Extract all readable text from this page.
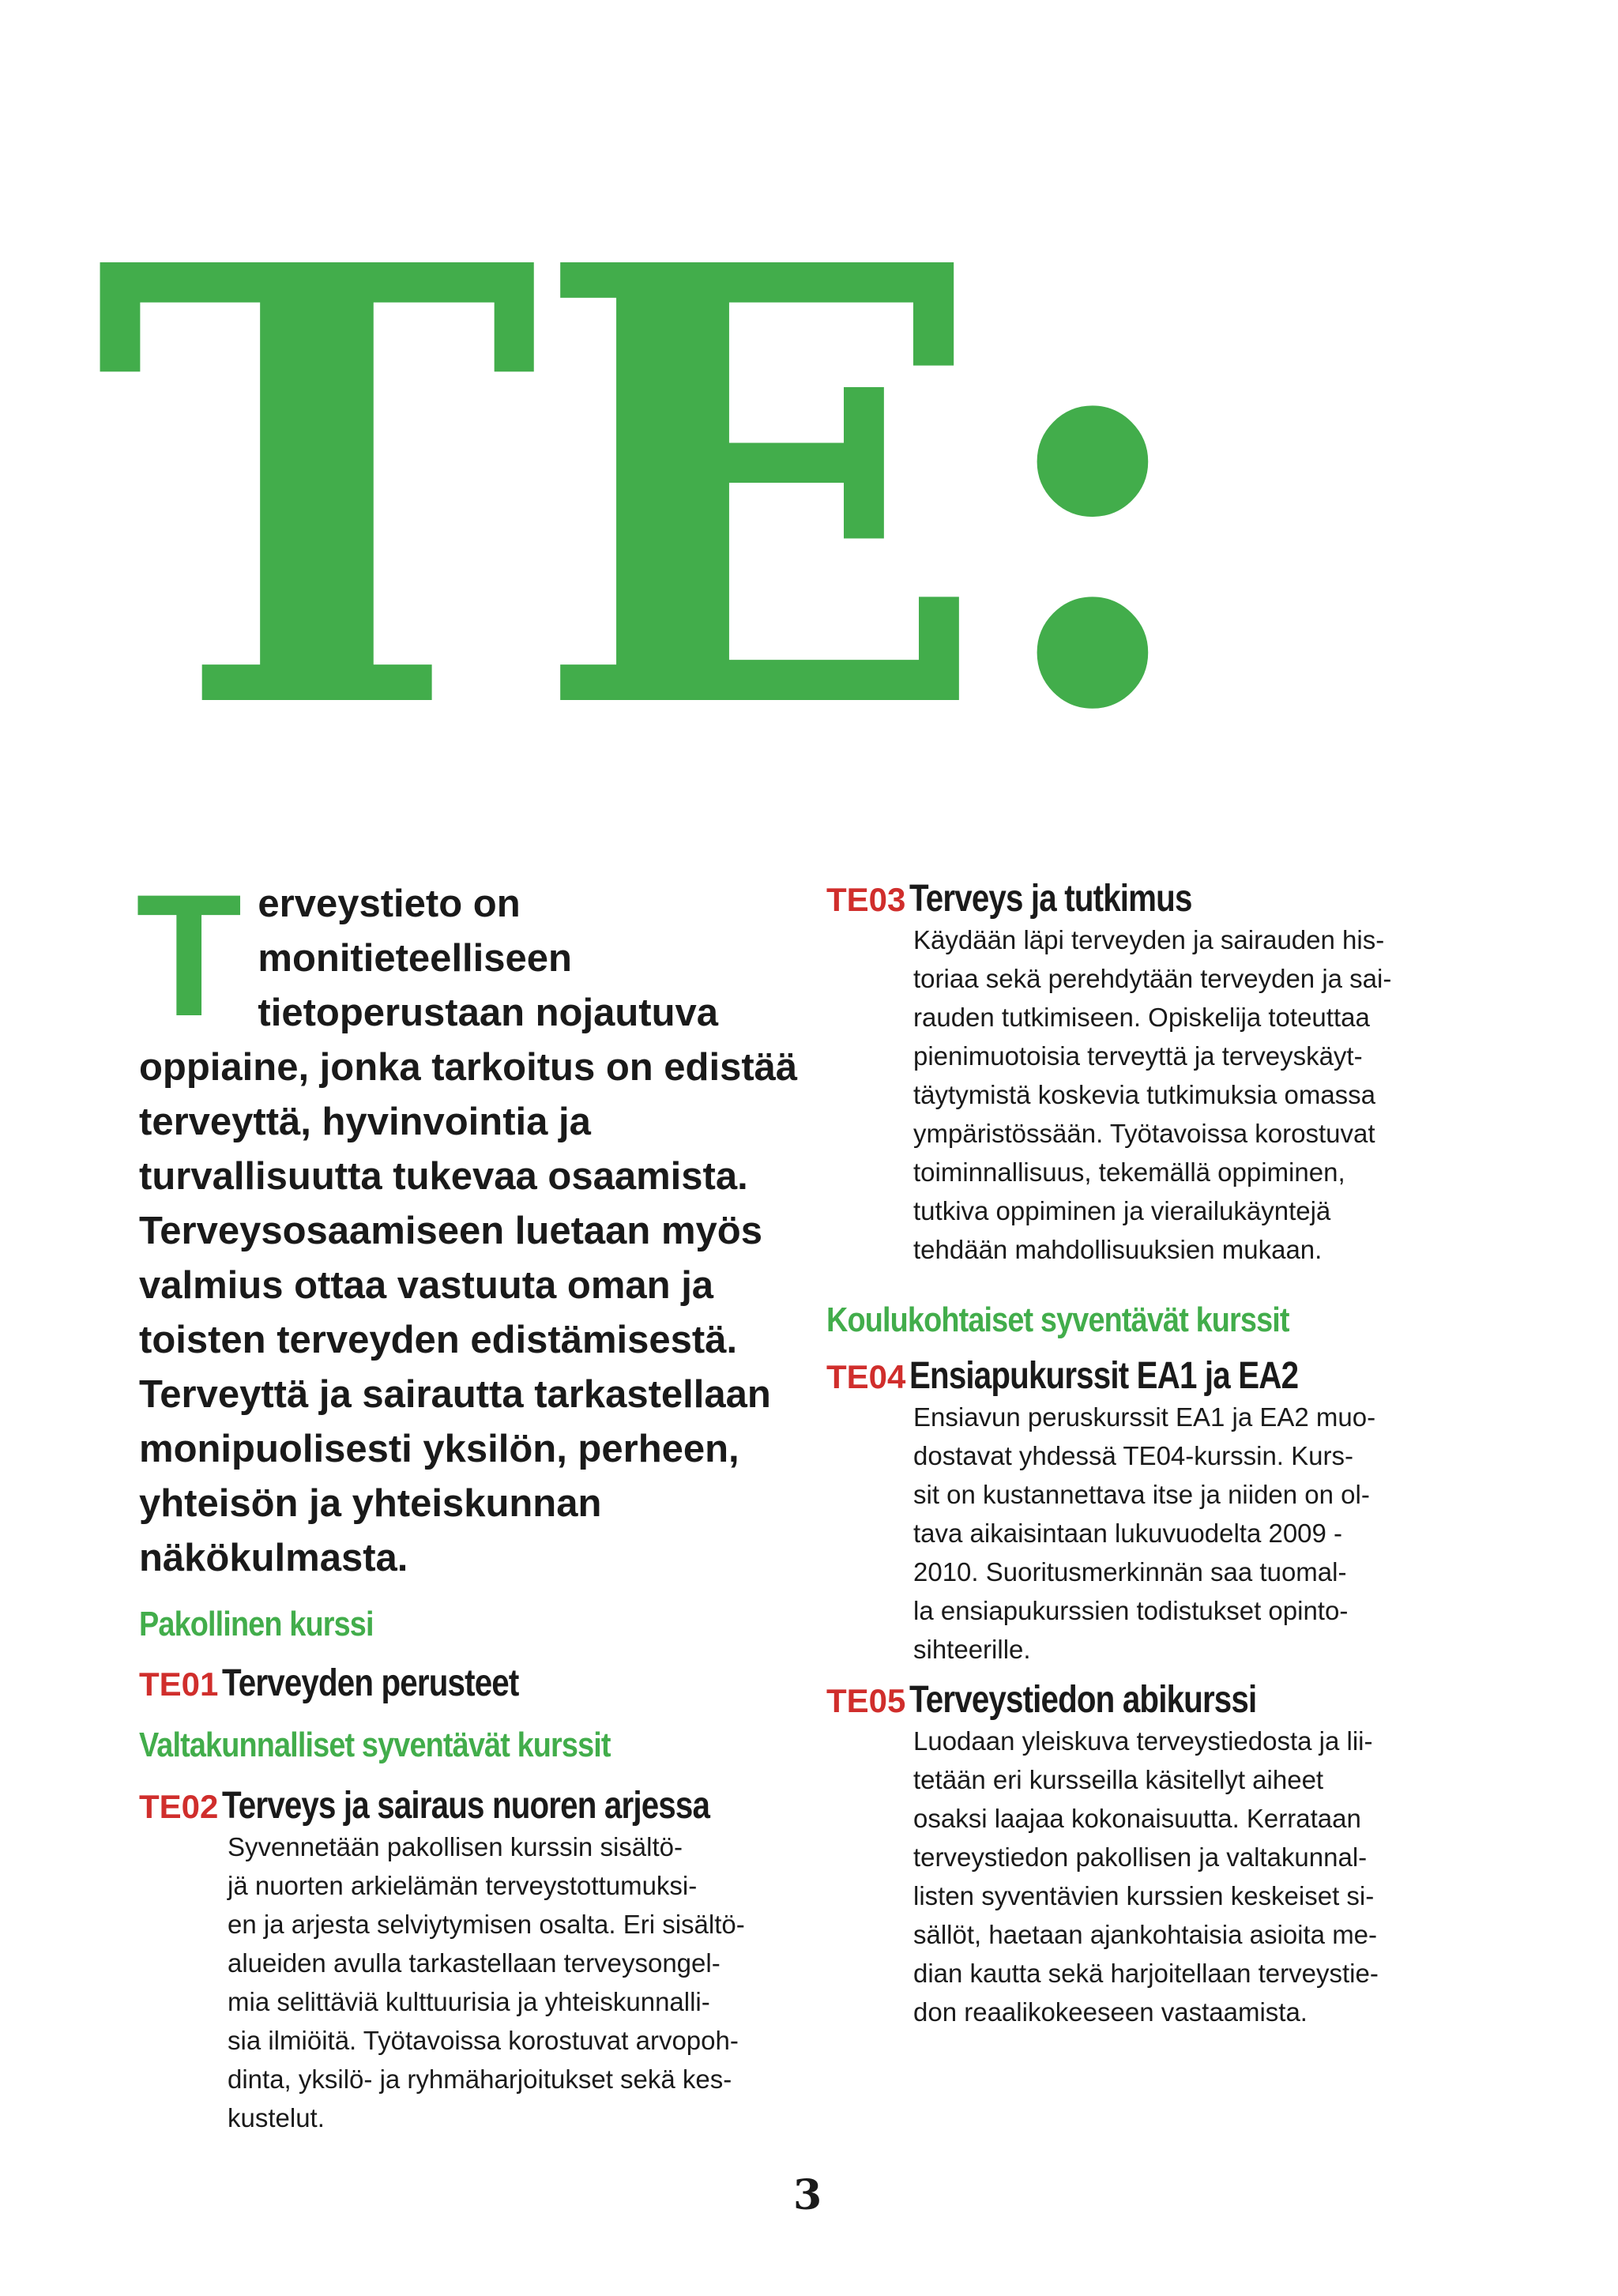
TE:

Terveystieto on monitieteelliseen tietoperustaan nojautuva oppiaine, jonka tarkoitus on edistää terveyttä, hyvinvointia ja turvallisuutta tukevaa osaamista. Terveysosaamiseen luetaan myös valmius ottaa vastuuta oman ja toisten terveyden edistämisestä. Terveyttä ja sairautta tarkastellaan monipuolisesti yksilön, perheen, yhteisön ja yhteiskunnan näkökulmasta.

Pakollinen kurssi
TE01 Terveyden perusteet
Valtakunnalliset syventävät kurssit
TE02 Terveys ja sairaus nuoren arjessa

Syvennetään pakollisen kurssin sisältö-
jä nuorten arkielämän terveystottumuksi-
en ja arjesta selviytymisen osalta. Eri sisältö-
alueiden avulla tarkastellaan terveysongel-
mia selittäviä kulttuurisia ja yhteiskunnalli-
sia ilmiöitä. Työtavoissa korostuvat arvopoh-
dinta, yksilö- ja ryhmäharjoitukset sekä kes-
kustelut.

TE03 Terveys ja tutkimus

Käydään läpi terveyden ja sairauden his-
toriaa sekä perehdytään terveyden ja sai-
rauden tutkimiseen. Opiskelija toteuttaa
pienimuotoisia terveyttä ja terveyskäyt-
täytymistä koskevia tutkimuksia omassa
ympäristössään. Työtavoissa korostuvat
toiminnallisuus, tekemällä oppiminen,
tutkiva oppiminen ja vierailukäyntejä
tehdään mahdollisuuksien mukaan.

Koulukohtaiset syventävät kurssit
TE04 Ensiapukurssit EA1 ja EA2

Ensiavun peruskurssit EA1 ja EA2 muo-
dostavat yhdessä TE04-kurssin. Kurs-
sit on kustannettava itse ja niiden on ol-
tava aikaisintaan lukuvuodelta 2009 -
2010. Suoritusmerkinnän saa tuomal-
la ensiapukurssien todistukset opinto-
sihteerille.

TE05 Terveystiedon abikurssi

Luodaan yleiskuva terveystiedosta ja lii-
tetään eri kursseilla käsitellyt aiheet
osaksi laajaa kokonaisuutta. Kerrataan
terveystiedon pakollisen ja valtakunnal-
listen syventävien kurssien keskeiset si-
sällöt, haetaan ajankohtaisia asioita me-
dian kautta sekä harjoitellaan terveystie-
don reaalikokeeseen vastaamista.

3
